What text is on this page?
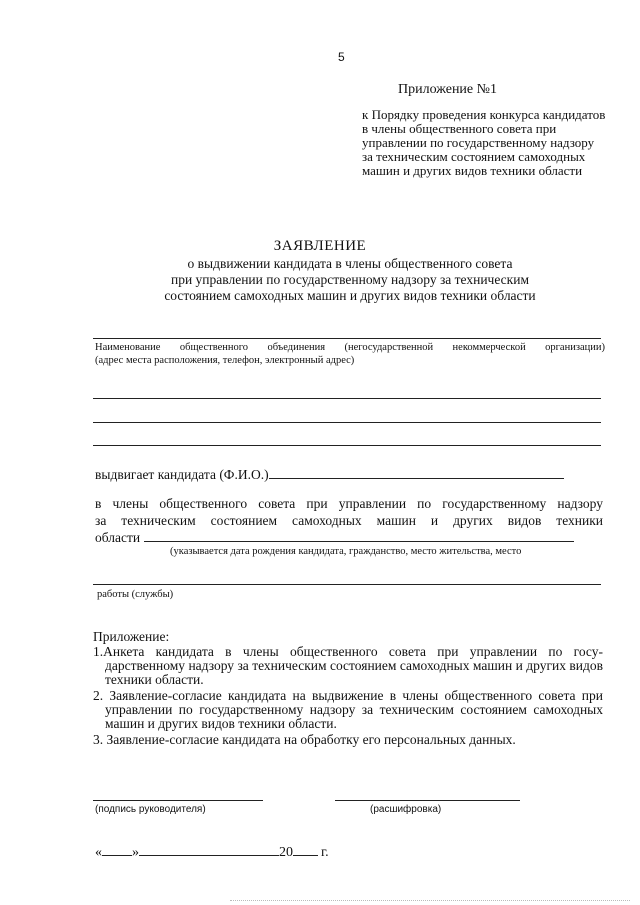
5
Приложение №1
к Порядку проведения конкурса кандидатов в члены общественного совета при управлении по государственному надзору за техническим состоянием самоходных машин и других видов техники области
ЗАЯВЛЕНИЕ
о выдвижении кандидата в члены общественного совета
при управлении по государственному надзору за техническим
состоянием самоходных машин и других видов техники области
Наименование общественного объединения (негосударственной некоммерческой организации)
(адрес места расположения, телефон, электронный адрес)
выдвигает кандидата (Ф.И.О.)
в члены общественного совета при управлении по государственному надзору
за техническим состоянием самоходных машин и других видов техники
области
(указывается дата рождения кандидата, гражданство, место жительства, место
работы (службы)
Приложение:
1.Анкета кандидата в члены общественного совета при управлении по госу-дарственному надзору за техническим состоянием самоходных машин и других видов техники области.
2. Заявление-согласие кандидата на выдвижение в члены общественного совета при управлении по государственному надзору за техническим состоянием самоходных машин и других видов техники области.
3. Заявление-согласие кандидата на обработку его персональных данных.
(подпись руководителя)	(расшифровка)
« »	20 г.
